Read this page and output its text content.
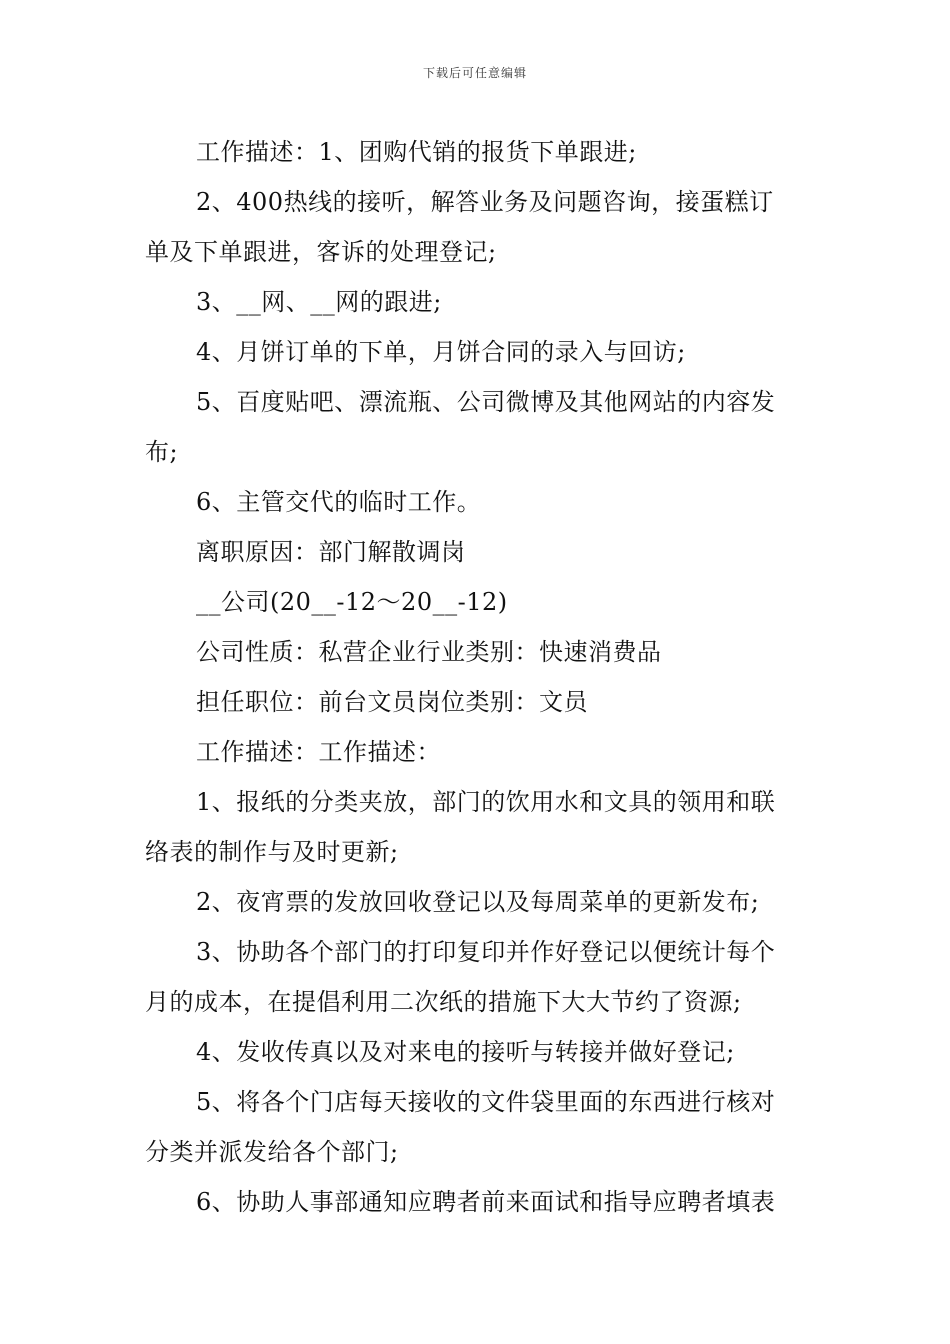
下载后可任意编辑

工作描述：1、团购代销的报货下单跟进;

2、400热线的接听，解答业务及问题咨询，接蛋糕订

单及下单跟进，客诉的处理登记;

3、__网、__网的跟进;

4、月饼订单的下单，月饼合同的录入与回访;

5、百度贴吧、漂流瓶、公司微博及其他网站的内容发

布;

6、主管交代的临时工作。

离职原因：部门解散调岗

__公司(20__-12～20__-12)

公司性质：私营企业行业类别：快速消费品

担任职位：前台文员岗位类别：文员

工作描述：工作描述：

1、报纸的分类夹放，部门的饮用水和文具的领用和联

络表的制作与及时更新;

2、夜宵票的发放回收登记以及每周菜单的更新发布;

3、协助各个部门的打印复印并作好登记以便统计每个

月的成本，在提倡利用二次纸的措施下大大节约了资源;

4、发收传真以及对来电的接听与转接并做好登记;

5、将各个门店每天接收的文件袋里面的东西进行核对

分类并派发给各个部门;

6、协助人事部通知应聘者前来面试和指导应聘者填表
